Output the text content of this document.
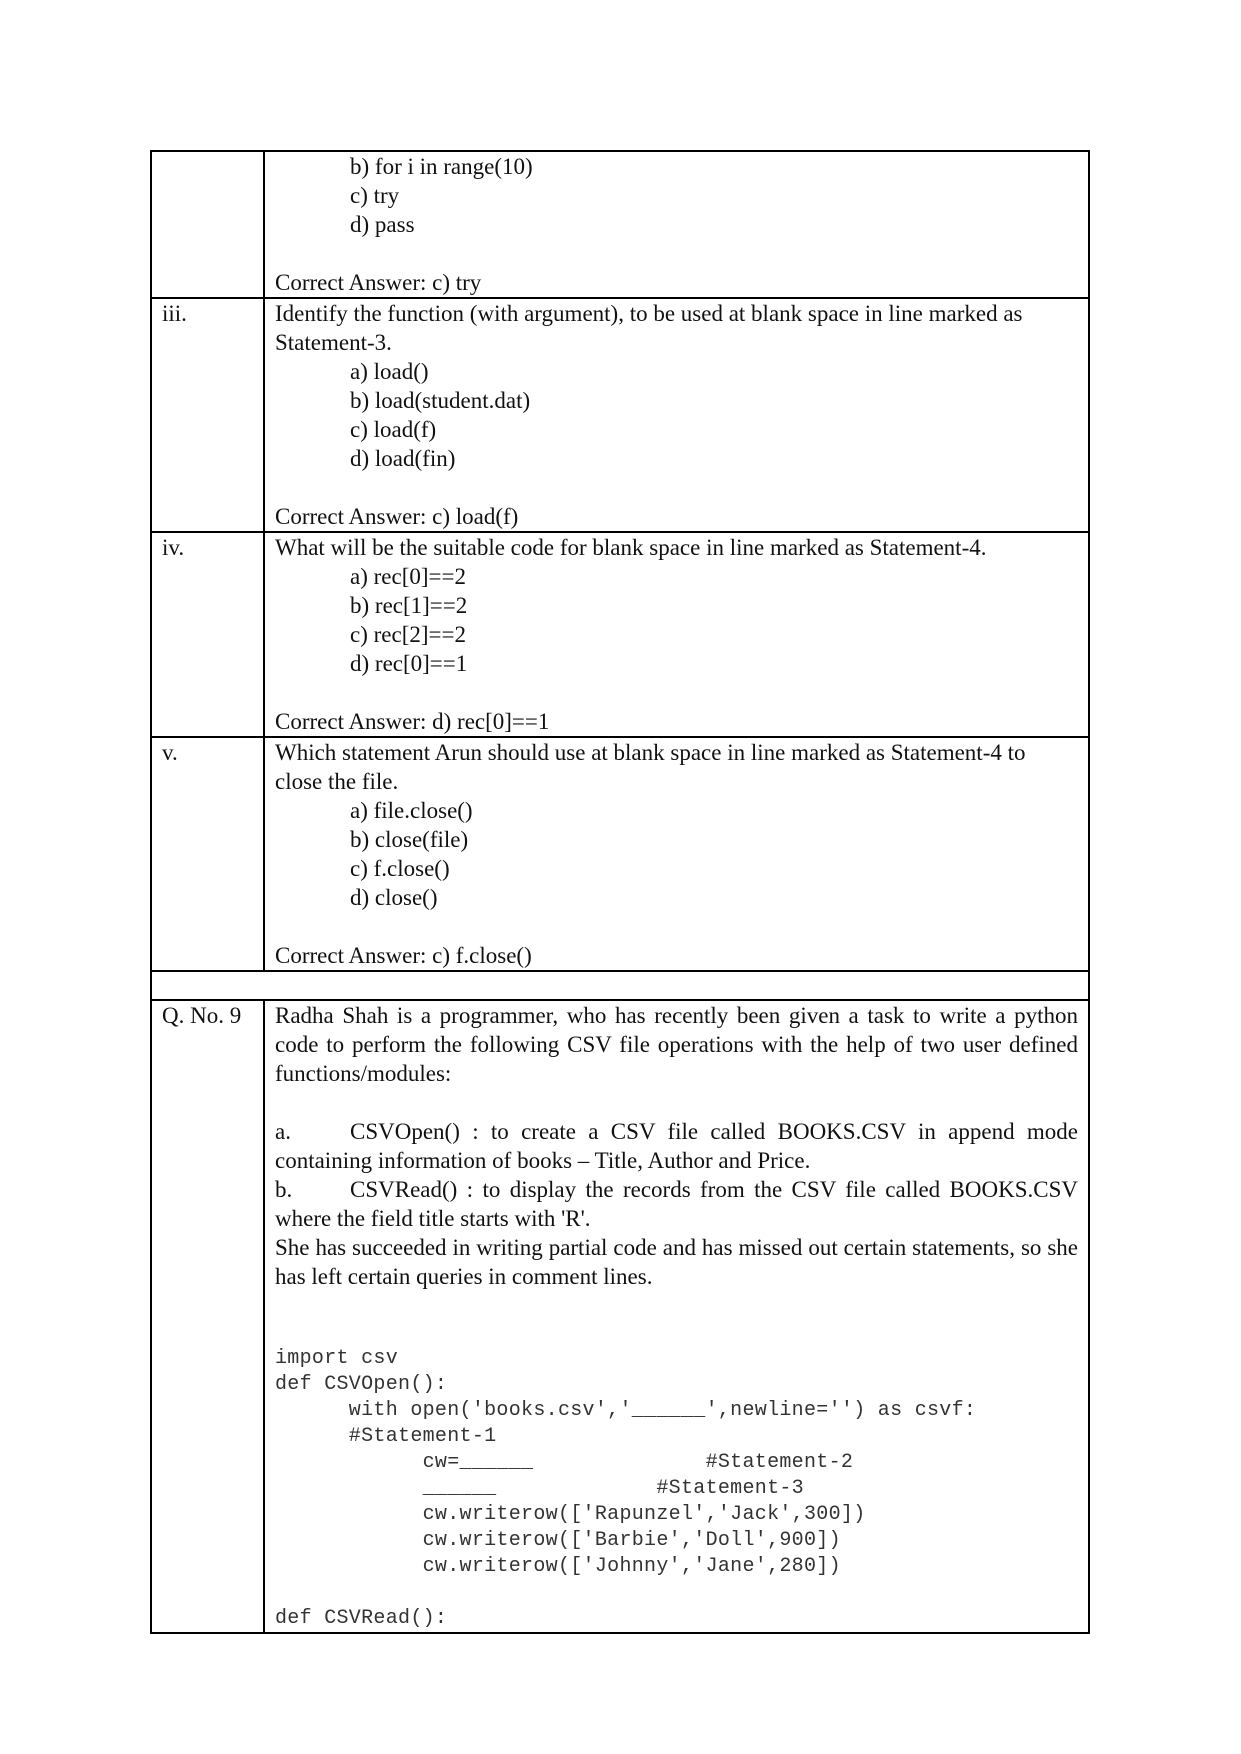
b) for i in range(10)
c) try
d) pass
Correct Answer: c) try

iii.	Identify the function (with argument), to be used at blank space in line marked as Statement-3.
a) load()
b) load(student.dat)
c) load(f)
d) load(fin)
Correct Answer: c) load(f)

iv.	What will be the suitable code for blank space in line marked as Statement-4.
a) rec[0]==2
b) rec[1]==2
c) rec[2]==2
d) rec[0]==1
Correct Answer: d) rec[0]==1

v.	Which statement Arun should use at blank space in line marked as Statement-4 to close the file.
a) file.close()
b) close(file)
c) f.close()
d) close()
Correct Answer: c) f.close()

Q. No. 9	Radha Shah is a programmer, who has recently been given a task to write a python code to perform the following CSV file operations with the help of two user defined functions/modules:
a.	CSVOpen() : to create a CSV file called BOOKS.CSV in append mode containing information of books – Title, Author and Price.
b.	CSVRead() : to display the records from the CSV file called BOOKS.CSV where the field title starts with 'R'.
She has succeeded in writing partial code and has missed out certain statements, so she has left certain queries in comment lines.

import csv
def CSVOpen():
with open('books.csv','______',newline='') as csvf:
#Statement-1
cw=______              #Statement-2
______             #Statement-3
cw.writerow(['Rapunzel','Jack',300])
cw.writerow(['Barbie','Doll',900])
cw.writerow(['Johnny','Jane',280])
def CSVRead():
